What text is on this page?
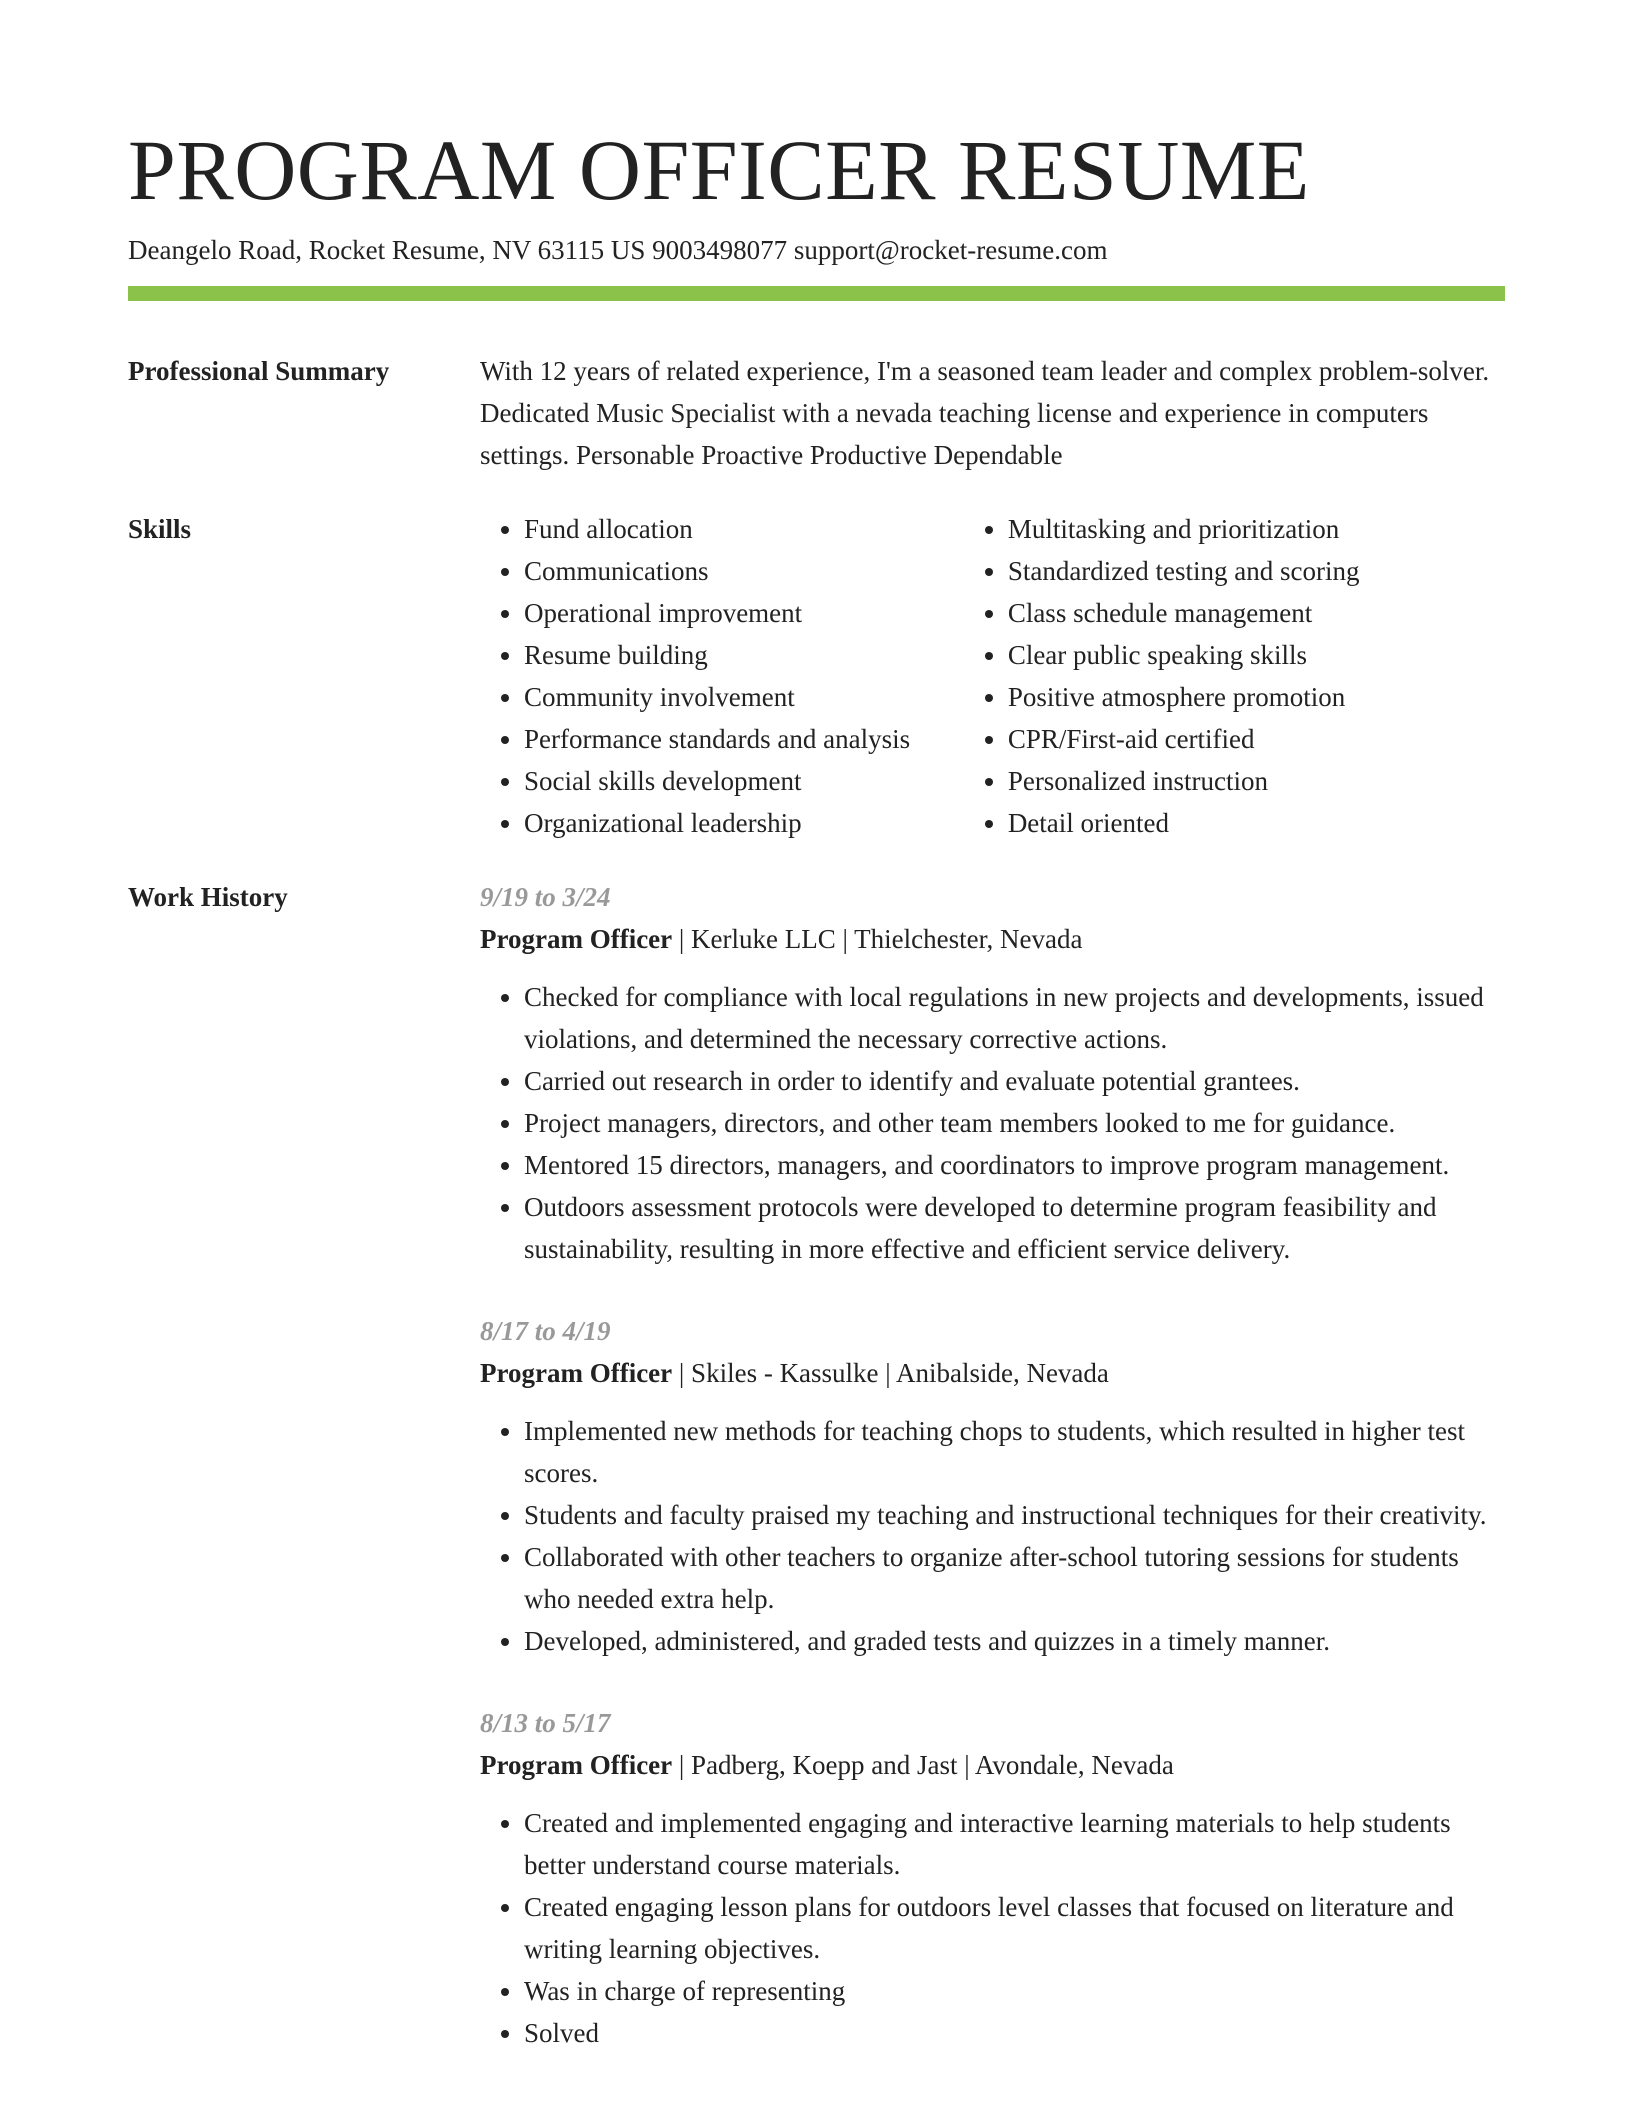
PROGRAM OFFICER RESUME
Deangelo Road, Rocket Resume, NV 63115 US 9003498077 support@rocket-resume.com
Professional Summary	With 12 years of related experience, I'm a seasoned team leader and complex problem-solver. Dedicated Music Specialist with a nevada teaching license and experience in computers settings. Personable Proactive Productive Dependable

Skills
•	Fund allocation
• Communications
• Operational improvement
• Resume building
• Community involvement
• Performance standards and analysis
• Social skills development
• Organizational leadership
• Multitasking and prioritization
• Standardized testing and scoring
• Class schedule management
• Clear public speaking skills
• Positive atmosphere promotion
• CPR/First-aid certified
• Personalized instruction
• Detail oriented
Work History	9/19 to 3/24
Program Officer | Kerluke LLC | Thielchester, Nevada
• Checked for compliance with local regulations in new projects and developments, issued violations, and determined the necessary corrective actions.
• Carried out research in order to identify and evaluate potential grantees.
• Project managers, directors, and other team members looked to me for guidance.
• Mentored 15 directors, managers, and coordinators to improve program management.
• Outdoors assessment protocols were developed to determine program feasibility and sustainability, resulting in more effective and efficient service delivery.
8/17 to 4/19
Program Officer | Skiles - Kassulke | Anibalside, Nevada
• Implemented new methods for teaching chops to students, which resulted in higher test scores.
• Students and faculty praised my teaching and instructional techniques for their creativity.
• Collaborated with other teachers to organize after-school tutoring sessions for students who needed extra help.
• Developed, administered, and graded tests and quizzes in a timely manner.
8/13 to 5/17
Program Officer | Padberg, Koepp and Jast | Avondale, Nevada
• Created and implemented engaging and interactive learning materials to help students better understand course materials.
• Created engaging lesson plans for outdoors level classes that focused on literature and writing learning objectives.
• Was in charge of representing
• Solved
